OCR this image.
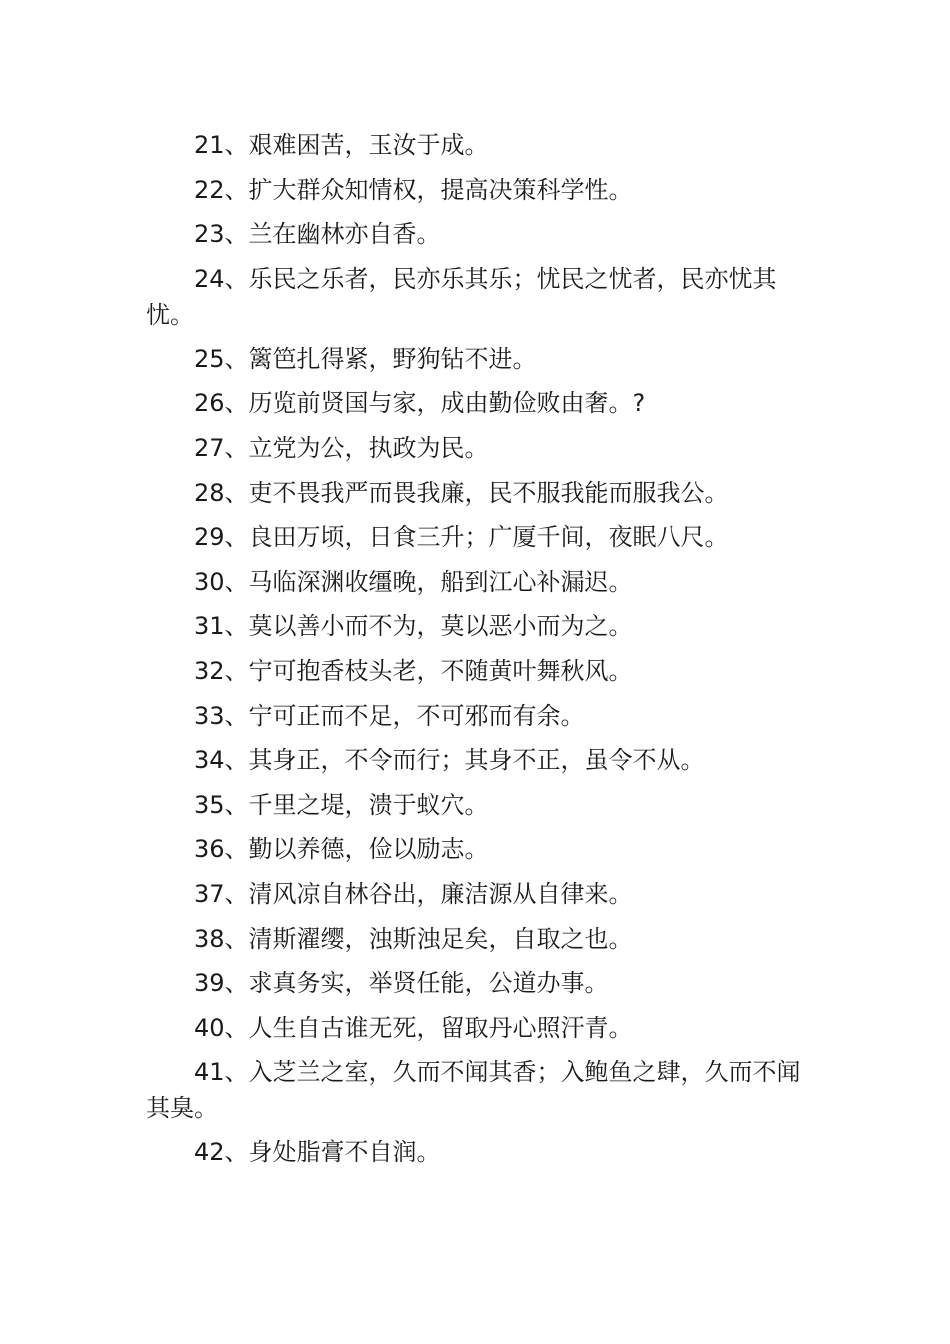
21、艰难困苦，玉汝于成。

22、扩大群众知情权，提高决策科学性。

23、兰在幽林亦自香。

24、乐民之乐者，民亦乐其乐；忧民之忧者，民亦忧其忧。

25、篱笆扎得紧，野狗钻不进。

26、历览前贤国与家，成由勤俭败由奢。?

27、立党为公，执政为民。

28、吏不畏我严而畏我廉，民不服我能而服我公。

29、良田万顷，日食三升；广厦千间，夜眠八尺。

30、马临深渊收缰晚，船到江心补漏迟。

31、莫以善小而不为，莫以恶小而为之。

32、宁可抱香枝头老，不随黄叶舞秋风。

33、宁可正而不足，不可邪而有余。

34、其身正，不令而行；其身不正，虽令不从。

35、千里之堤，溃于蚁穴。

36、勤以养德，俭以励志。

37、清风凉自林谷出，廉洁源从自律来。

38、清斯濯缨，浊斯浊足矣，自取之也。

39、求真务实，举贤任能，公道办事。

40、人生自古谁无死，留取丹心照汗青。

41、入芝兰之室，久而不闻其香；入鲍鱼之肆，久而不闻其臭。

42、身处脂膏不自润。
